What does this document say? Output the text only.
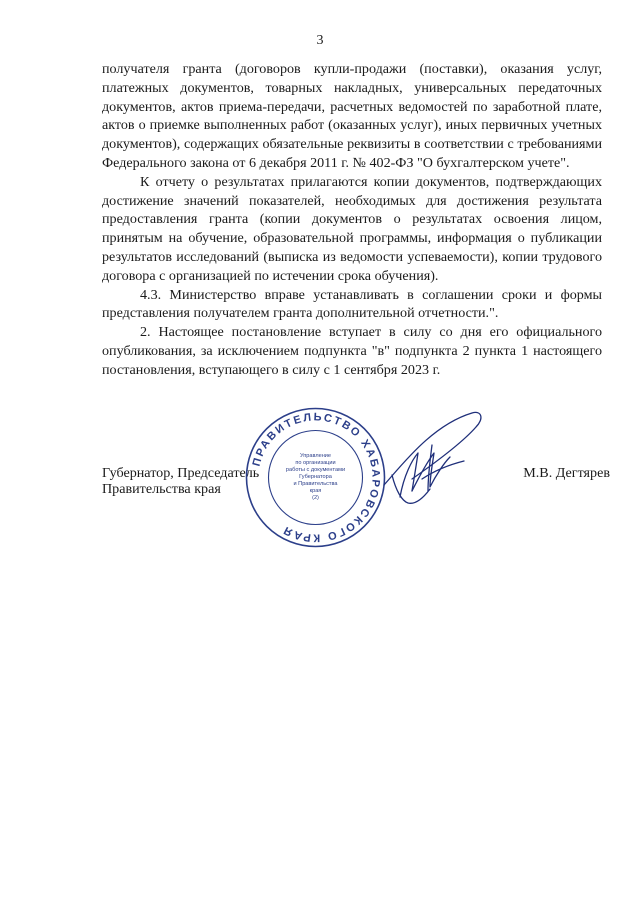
3

получателя гранта (договоров купли-продажи (поставки), оказания услуг, платежных документов, товарных накладных, универсальных передаточных документов, актов приема-передачи, расчетных ведомостей по заработной плате, актов о приемке выполненных работ (оказанных услуг), иных первичных учетных документов), содержащих обязательные реквизиты в соответствии с требованиями Федерального закона от 6 декабря 2011 г. № 402-ФЗ "О бухгалтерском учете".

К отчету о результатах прилагаются копии документов, подтверждающих достижение значений показателей, необходимых для достижения результата предоставления гранта (копии документов о результатах освоения лицом, принятым на обучение, образовательной программы, информация о публикации результатов исследований (выписка из ведомости успеваемости), копии трудового договора с организацией по истечении срока обучения).

4.3. Министерство вправе устанавливать в соглашении сроки и формы представления получателем гранта дополнительной отчетности.".

2. Настоящее постановление вступает в силу со дня его официального опубликования, за исключением подпункта "в" подпункта 2 пункта 1 настоящего постановления, вступающего в силу с 1 сентября 2023 г.

Губернатор, Председатель
Правительства края
М.В. Дегтярев
ПРАВИТЕЛЬСТВО ХАБАРОВСКОГО КРАЯ
Управление
по организации
работы с документами
Губернатора
и Правительства
края
(2)
